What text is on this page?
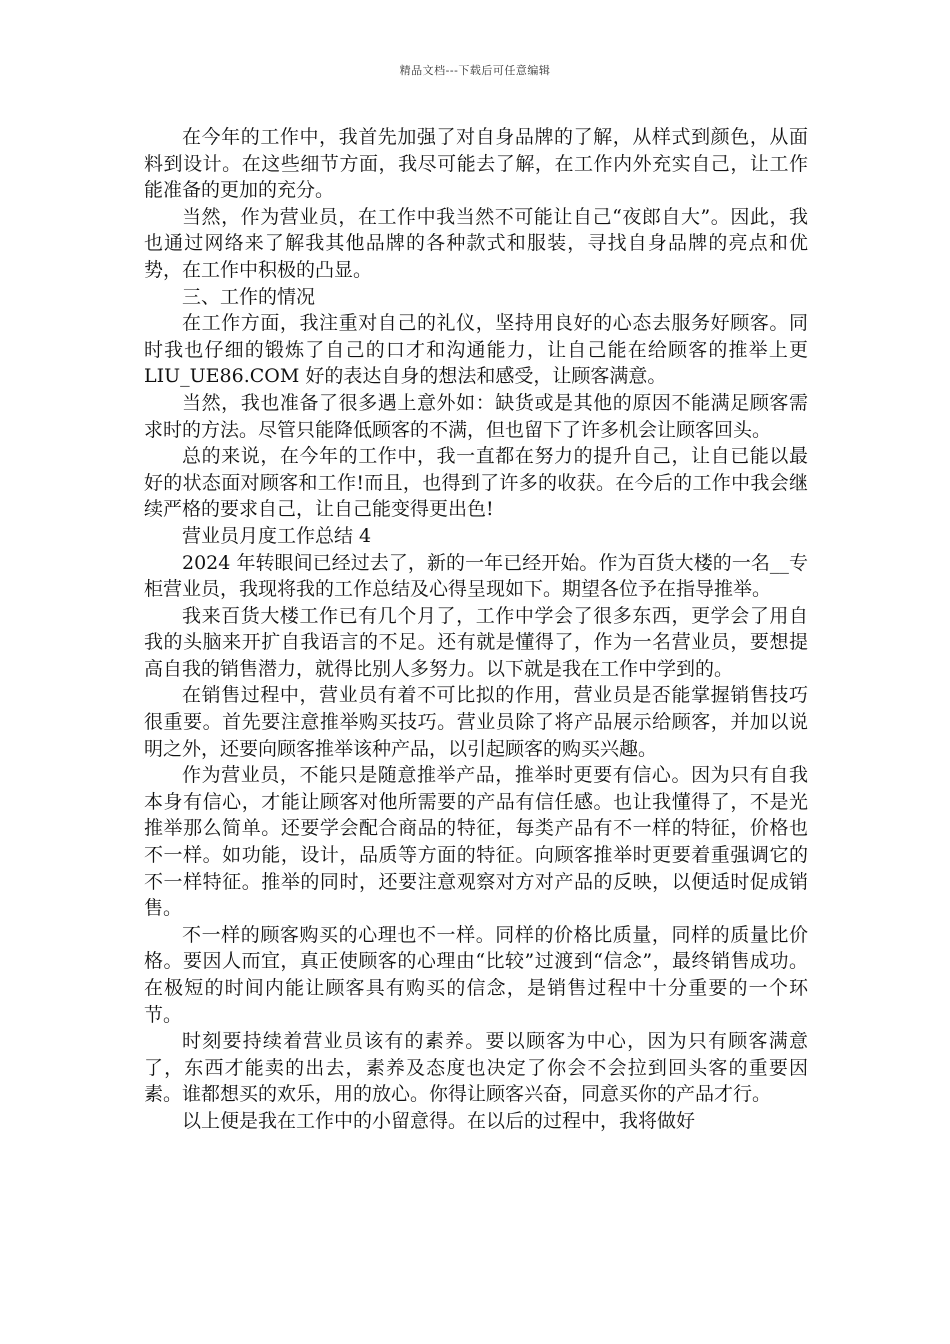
精品文档---下载后可任意编辑

在今年的工作中，我首先加强了对自身品牌的了解，从样式到颜色，从面料到设计。在这些细节方面，我尽可能去了解，在工作内外充实自己，让工作能准备的更加的充分。

当然，作为营业员，在工作中我当然不可能让自己“夜郎自大”。因此，我也通过网络来了解我其他品牌的各种款式和服装，寻找自身品牌的亮点和优势，在工作中积极的凸显。

三、工作的情况

在工作方面，我注重对自己的礼仪，坚持用良好的心态去服务好顾客。同时我也仔细的锻炼了自己的口才和沟通能力，让自己能在给顾客的推举上更 LIU_UE86.COM 好的表达自身的想法和感受，让顾客满意。

当然，我也准备了很多遇上意外如：缺货或是其他的原因不能满足顾客需求时的方法。尽管只能降低顾客的不满，但也留下了许多机会让顾客回头。

总的来说，在今年的工作中，我一直都在努力的提升自己，让自已能以最好的状态面对顾客和工作!而且，也得到了许多的收获。在今后的工作中我会继续严格的要求自己，让自己能变得更出色!

营业员月度工作总结 4

2024 年转眼间已经过去了，新的一年已经开始。作为百货大楼的一名__专柜营业员，我现将我的工作总结及心得呈现如下。期望各位予在指导推举。

我来百货大楼工作已有几个月了，工作中学会了很多东西，更学会了用自我的头脑来开扩自我语言的不足。还有就是懂得了，作为一名营业员，要想提高自我的销售潜力，就得比别人多努力。以下就是我在工作中学到的。

在销售过程中，营业员有着不可比拟的作用，营业员是否能掌握销售技巧很重要。首先要注意推举购买技巧。营业员除了将产品展示给顾客，并加以说明之外，还要向顾客推举该种产品，以引起顾客的购买兴趣。

作为营业员，不能只是随意推举产品，推举时更要有信心。因为只有自我本身有信心，才能让顾客对他所需要的产品有信任感。也让我懂得了，不是光推举那么简单。还要学会配合商品的特征，每类产品有不一样的特征，价格也不一样。如功能，设计，品质等方面的特征。向顾客推举时更要着重强调它的不一样特征。推举的同时，还要注意观察对方对产品的反映，以便适时促成销售。

不一样的顾客购买的心理也不一样。同样的价格比质量，同样的质量比价格。要因人而宜，真正使顾客的心理由“比较”过渡到“信念”，最终销售成功。在极短的时间内能让顾客具有购买的信念，是销售过程中十分重要的一个环节。

时刻要持续着营业员该有的素养。要以顾客为中心，因为只有顾客满意了，东西才能卖的出去，素养及态度也决定了你会不会拉到回头客的重要因素。谁都想买的欢乐，用的放心。你得让顾客兴奋，同意买你的产品才行。

以上便是我在工作中的小留意得。在以后的过程中，我将做好
